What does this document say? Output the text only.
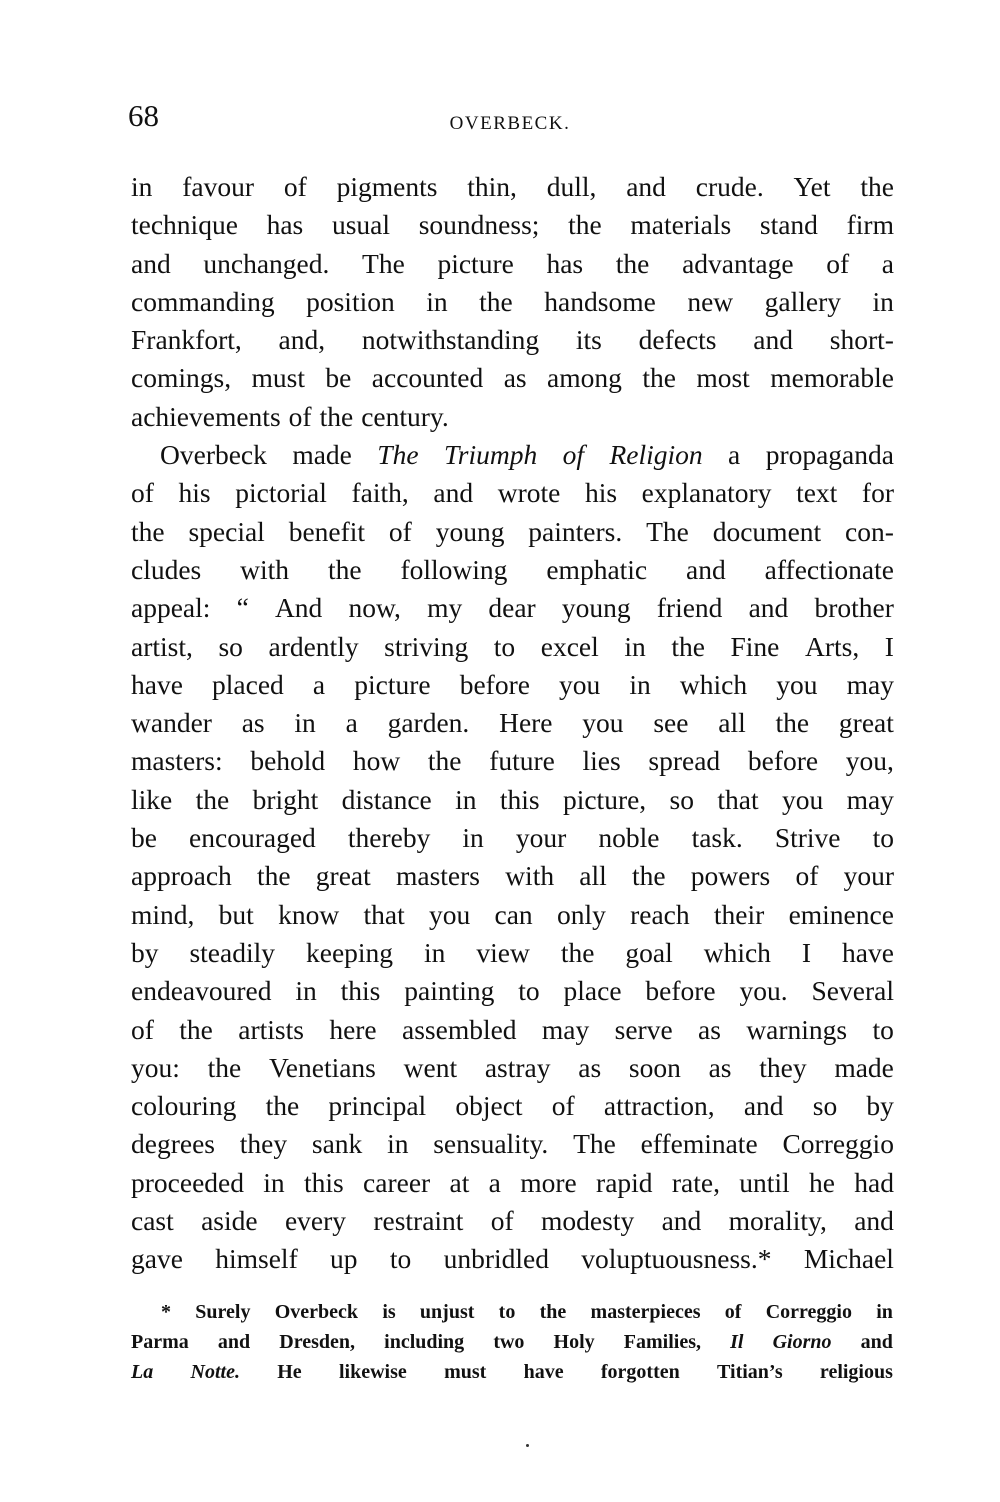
68	OVERBECK.
in favour of pigments thin, dull, and crude. Yet the
technique has usual soundness; the materials stand firm
and unchanged. The picture has the advantage of a
commanding position in the handsome new gallery in
Frankfort, and, notwithstanding its defects and short-
comings, must be accounted as among the most memorable
achievements of the century.
Overbeck made The Triumph of Religion a propaganda
of his pictorial faith, and wrote his explanatory text for
the special benefit of young painters. The document con-
cludes with the following emphatic and affectionate
appeal: “ And now, my dear young friend and brother
artist, so ardently striving to excel in the Fine Arts, I
have placed a picture before you in which you may
wander as in a garden. Here you see all the great
masters: behold how the future lies spread before you,
like the bright distance in this picture, so that you may
be encouraged thereby in your noble task. Strive to
approach the great masters with all the powers of your
mind, but know that you can only reach their eminence
by steadily keeping in view the goal which I have
endeavoured in this painting to place before you. Several
of the artists here assembled may serve as warnings to
you: the Venetians went astray as soon as they made
colouring the principal object of attraction, and so by
degrees they sank in sensuality. The effeminate Correggio
proceeded in this career at a more rapid rate, until he had
cast aside every restraint of modesty and morality, and
gave himself up to unbridled voluptuousness.* Michael
* Surely Overbeck is unjust to the masterpieces of Correggio in
Parma and Dresden, including two Holy Families, Il Giorno and
La Notte. He likewise must have forgotten Titian’s religious
